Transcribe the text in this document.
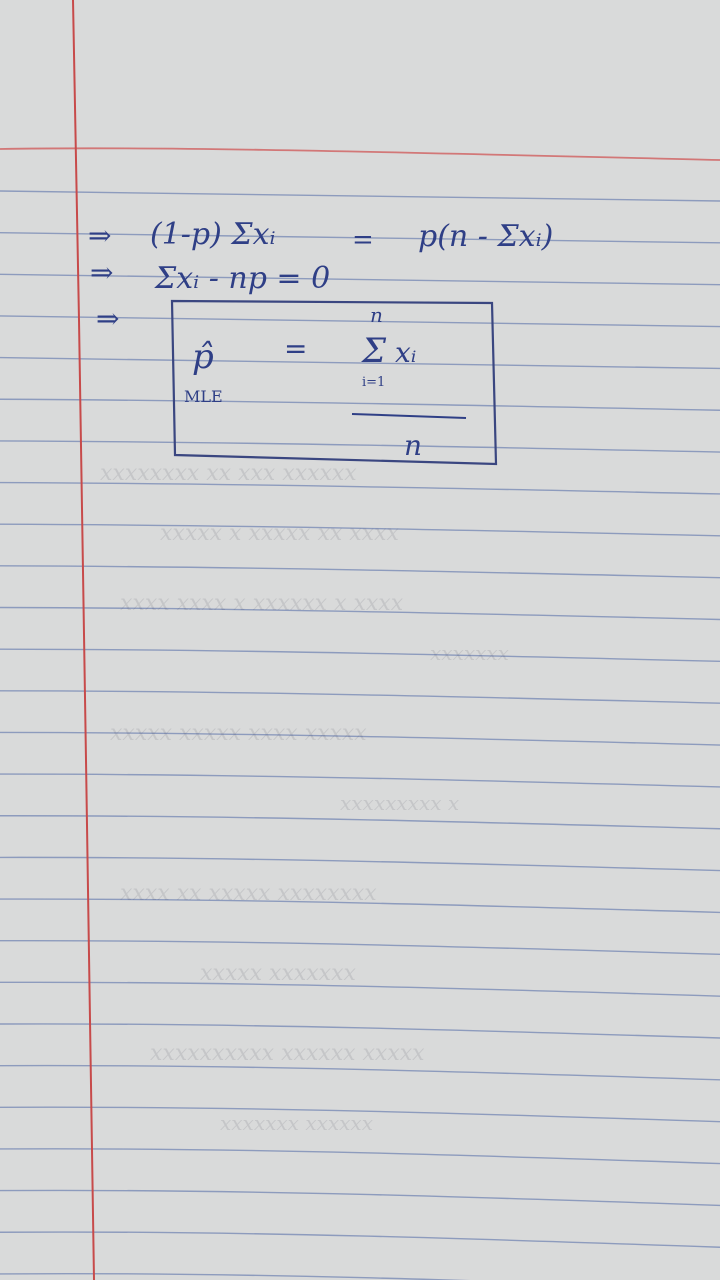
xxxxxxxx xx xxx xxxxxx
xxxxx x xxxxx xx xxxx
xxxx xxxx x xxxxxx x xxxx
xxxxxxx
xxxxx xxxxx xxxx xxxxx
xxxxxxxxx x
xxxx xx xxxxx xxxxxxxx
xxxxx xxxxxxx
xxxxxxxxxx xxxxxx xxxxx
xxxxxxx xxxxxx
⇒ (1-p) Σxᵢ	= p(n - Σxᵢ)
⇒ Σxᵢ - np = 0
⇒
p̂
MLE
=
n
Σ
i=1
xᵢ
n
